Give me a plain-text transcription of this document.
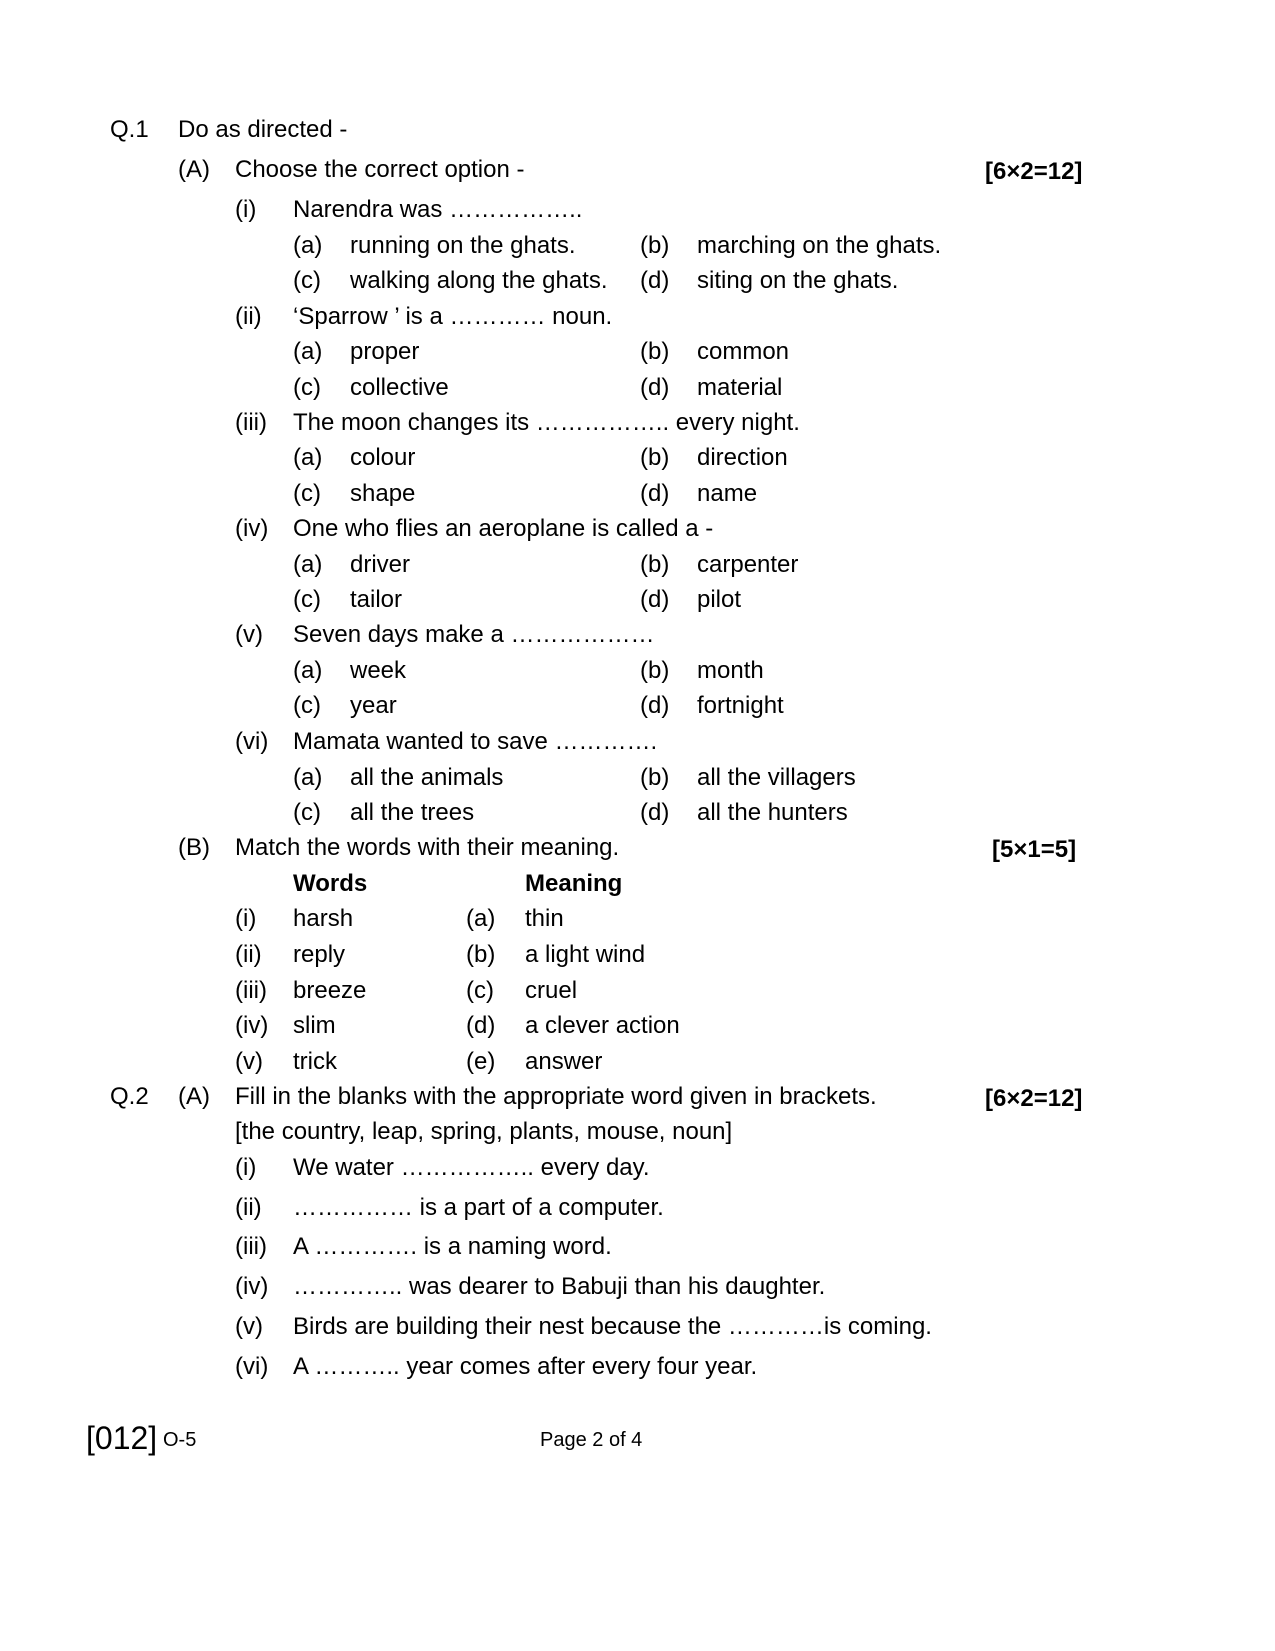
Q.1 Do as directed -
(A) Choose the correct option -	[6×2=12]
(i) Narendra was ……………..
(a) running on the ghats.	(b) marching on the ghats.
(c) walking along the ghats. (d) siting on the ghats.
(ii) ‘Sparrow ’ is a ………… noun.
(a) proper	(b) common
(c) collective	(d) material
(iii) The moon changes its …………….. every night.
(a) colour	(b) direction
(c) shape	(d) name
(iv) One who flies an aeroplane is called a -
(a) driver	(b) carpenter
(c) tailor	(d) pilot
(v) Seven days make a ………………
(a) week	(b) month
(c) year	(d) fortnight
(vi) Mamata wanted to save ………….
(a) all the animals	(b) all the villagers
(c) all the trees	(d) all the hunters
(B) Match the words with their meaning.	[5×1=5]
Words	Meaning
(i) harsh	(a) thin
(ii) reply	(b) a light wind
(iii) breeze	(c) cruel
(iv) slim	(d) a clever action
(v) trick	(e) answer
Q.2 (A) Fill in the blanks with the appropriate word given in brackets.	[6×2=12]
[the country, leap, spring, plants, mouse, noun]
(i) We water …………….. every day.
(ii) …………… is a part of a computer.
(iii) A …………. is a naming word.
(iv) ………….. was dearer to Babuji than his daughter.
(v) Birds are building their nest because the …………is coming.
(vi) A ……….. year comes after every four year.
[012] O-5	Page 2 of 4
